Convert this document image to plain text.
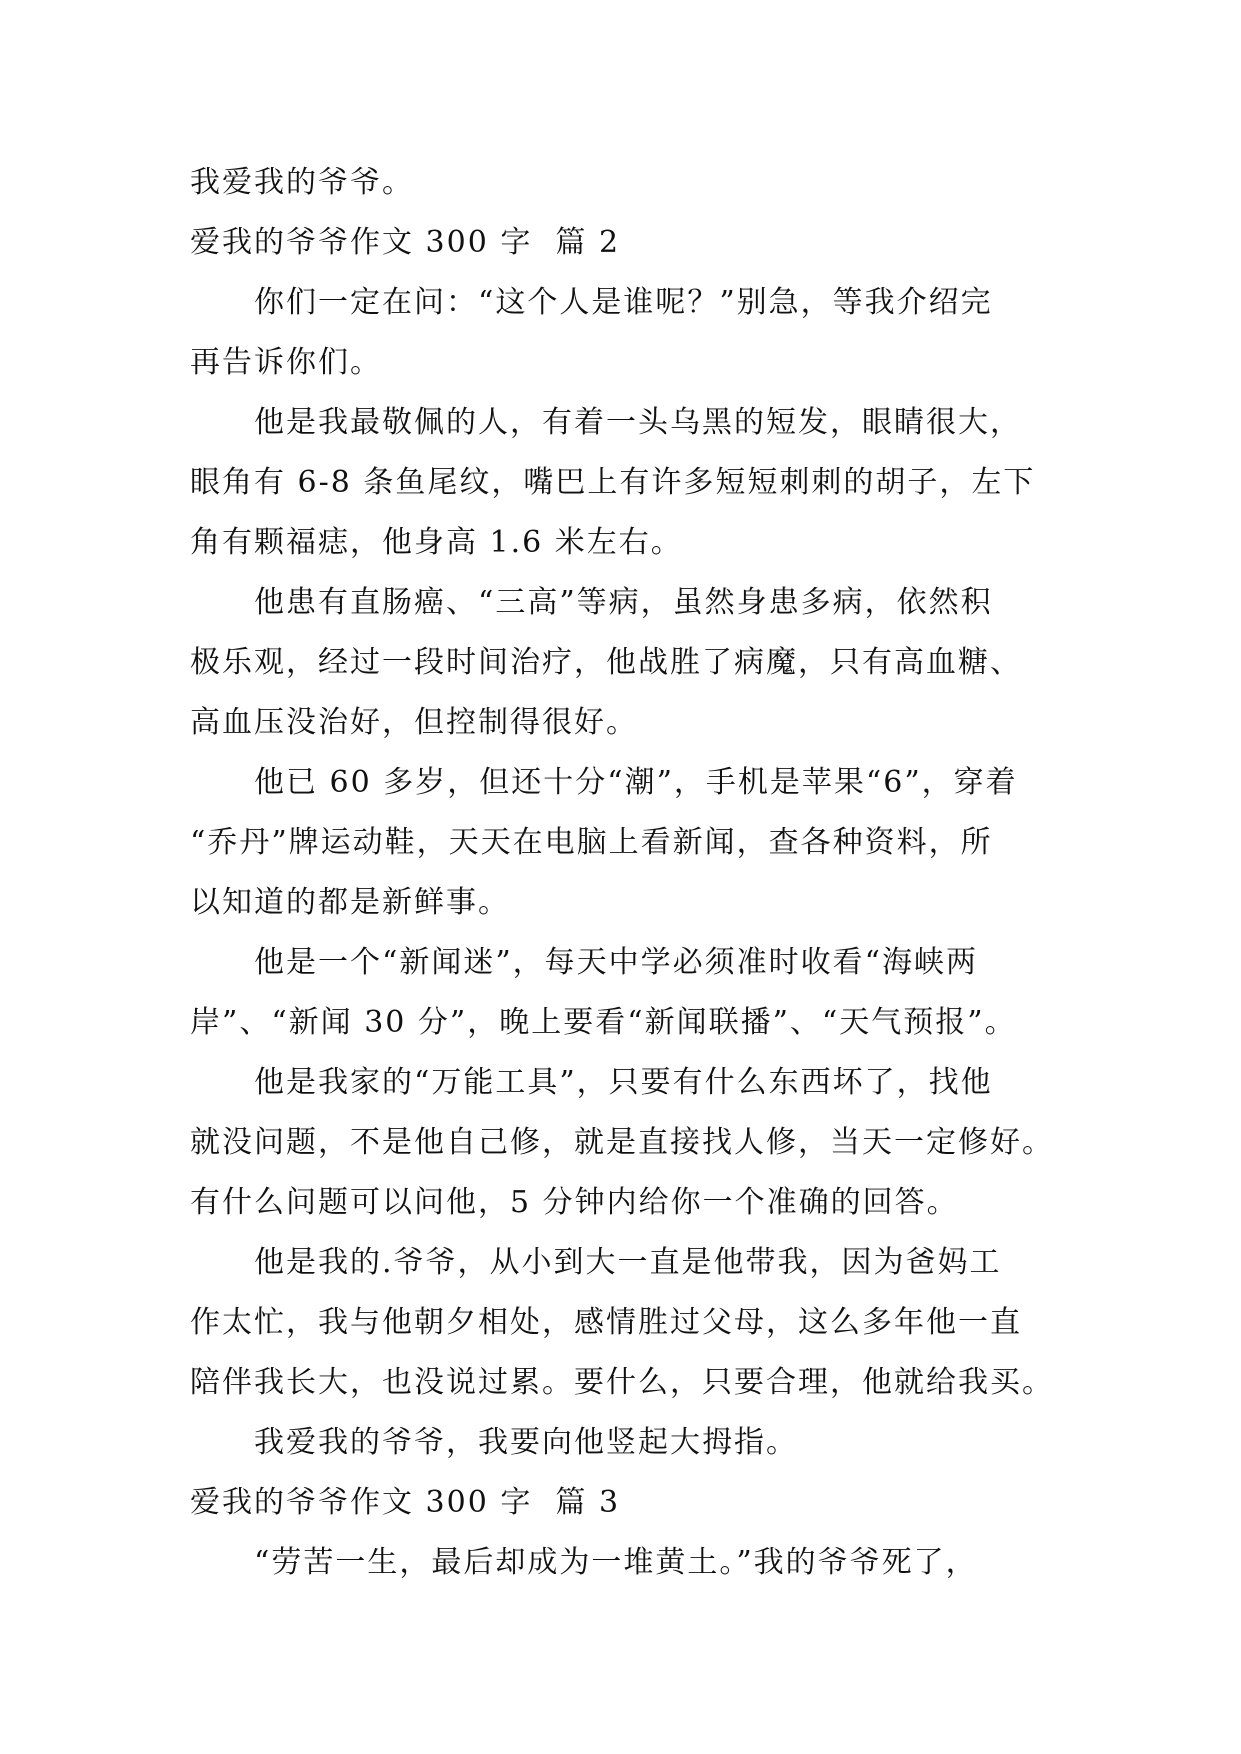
我爱我的爷爷。
爱我的爷爷作文 300 字  篇 2
你们一定在问：“这个人是谁呢？”别急，等我介绍完
再告诉你们。
他是我最敬佩的人，有着一头乌黑的短发，眼睛很大，
眼角有 6-8 条鱼尾纹，嘴巴上有许多短短刺刺的胡子，左下
角有颗福痣，他身高 1.6 米左右。
他患有直肠癌、“三高”等病，虽然身患多病，依然积
极乐观，经过一段时间治疗，他战胜了病魔，只有高血糖、
高血压没治好，但控制得很好。
他已 60 多岁，但还十分“潮”，手机是苹果“6”，穿着
“乔丹”牌运动鞋，天天在电脑上看新闻，查各种资料，所
以知道的都是新鲜事。
他是一个“新闻迷”，每天中学必须准时收看“海峡两
岸”、“新闻 30 分”，晚上要看“新闻联播”、“天气预报”。
他是我家的“万能工具”，只要有什么东西坏了，找他
就没问题，不是他自己修，就是直接找人修，当天一定修好。
有什么问题可以问他，5 分钟内给你一个准确的回答。
他是我的.爷爷，从小到大一直是他带我，因为爸妈工
作太忙，我与他朝夕相处，感情胜过父母，这么多年他一直
陪伴我长大，也没说过累。要什么，只要合理，他就给我买。
我爱我的爷爷，我要向他竖起大拇指。
爱我的爷爷作文 300 字  篇 3
“劳苦一生，最后却成为一堆黄土。”我的爷爷死了，
